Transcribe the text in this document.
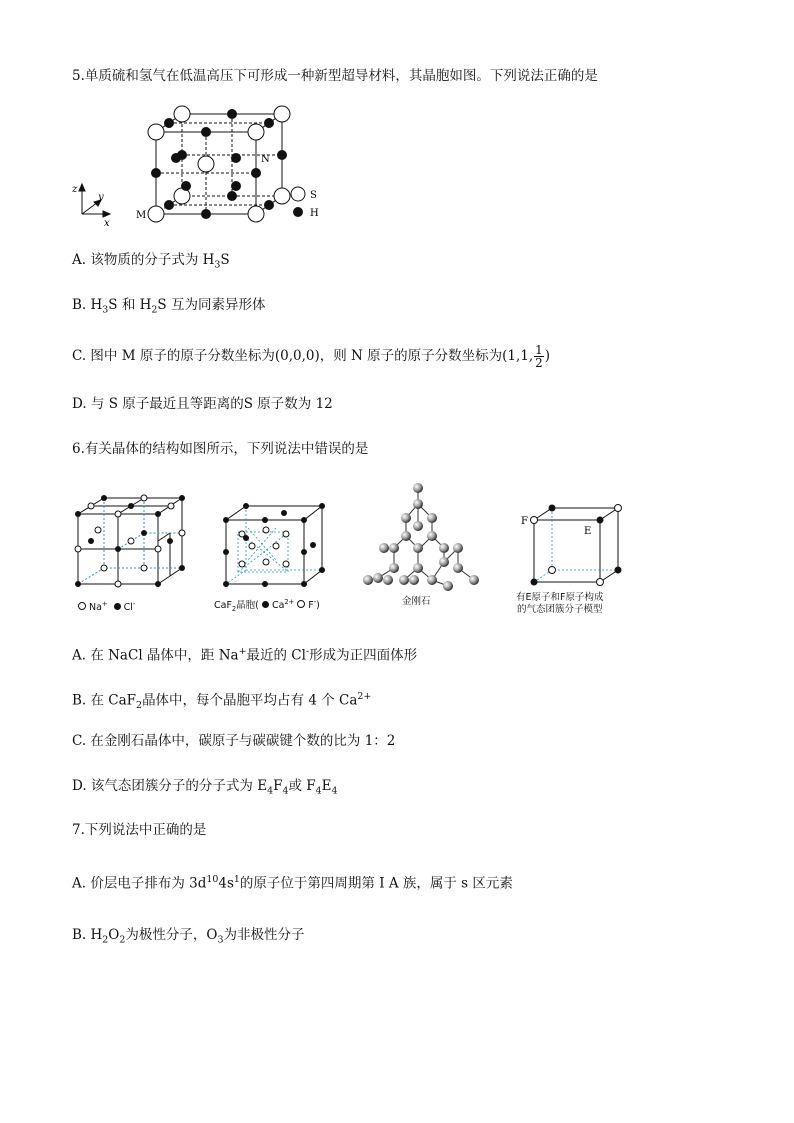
5.单质硫和氢气在低温高压下可形成一种新型超导材料，其晶胞如图。下列说法正确的是
z
y
x
N
M
S
H
A. 该物质的分子式为 $H_3S$
B. $H_3S$ 和 $H_2S$ 互为同素异形体
C. 图中 M 原子的原子分数坐标为(0,0,0)，则 N 原子的原子分数坐标为(1,1, $\frac{1}{2}$ )
D. 与 S 原子最近且等距离的S 原子数为 12
6.有关晶体的结构如图所示，下列说法中错误的是
Na+ Cl-	CaF$_2$晶胞( $Ca^{2+}$ F-)	金刚石
F
E
有E原子和F原子构成
的气态团簇分子模型
A. 在 NaCl 晶体中，距 Na+最近的 Cl-形成为正四面体形
B. 在 CaF$_2$晶体中，每个晶胞平均占有 4 个 $Ca^{2+}$
C. 在金刚石晶体中，碳原子与碳碳键个数的比为 1：2
D. 该气态团簇分子的分子式为 $E_4F_4$或 $F_4E_4$
7.下列说法中正确的是
A. 价层电子排布为 $3d^{10}4s^1$的原子位于第四周期第 Ⅰ A 族，属于 s 区元素
B. $H_2O_2$为极性分子，$O_3$为非极性分子
